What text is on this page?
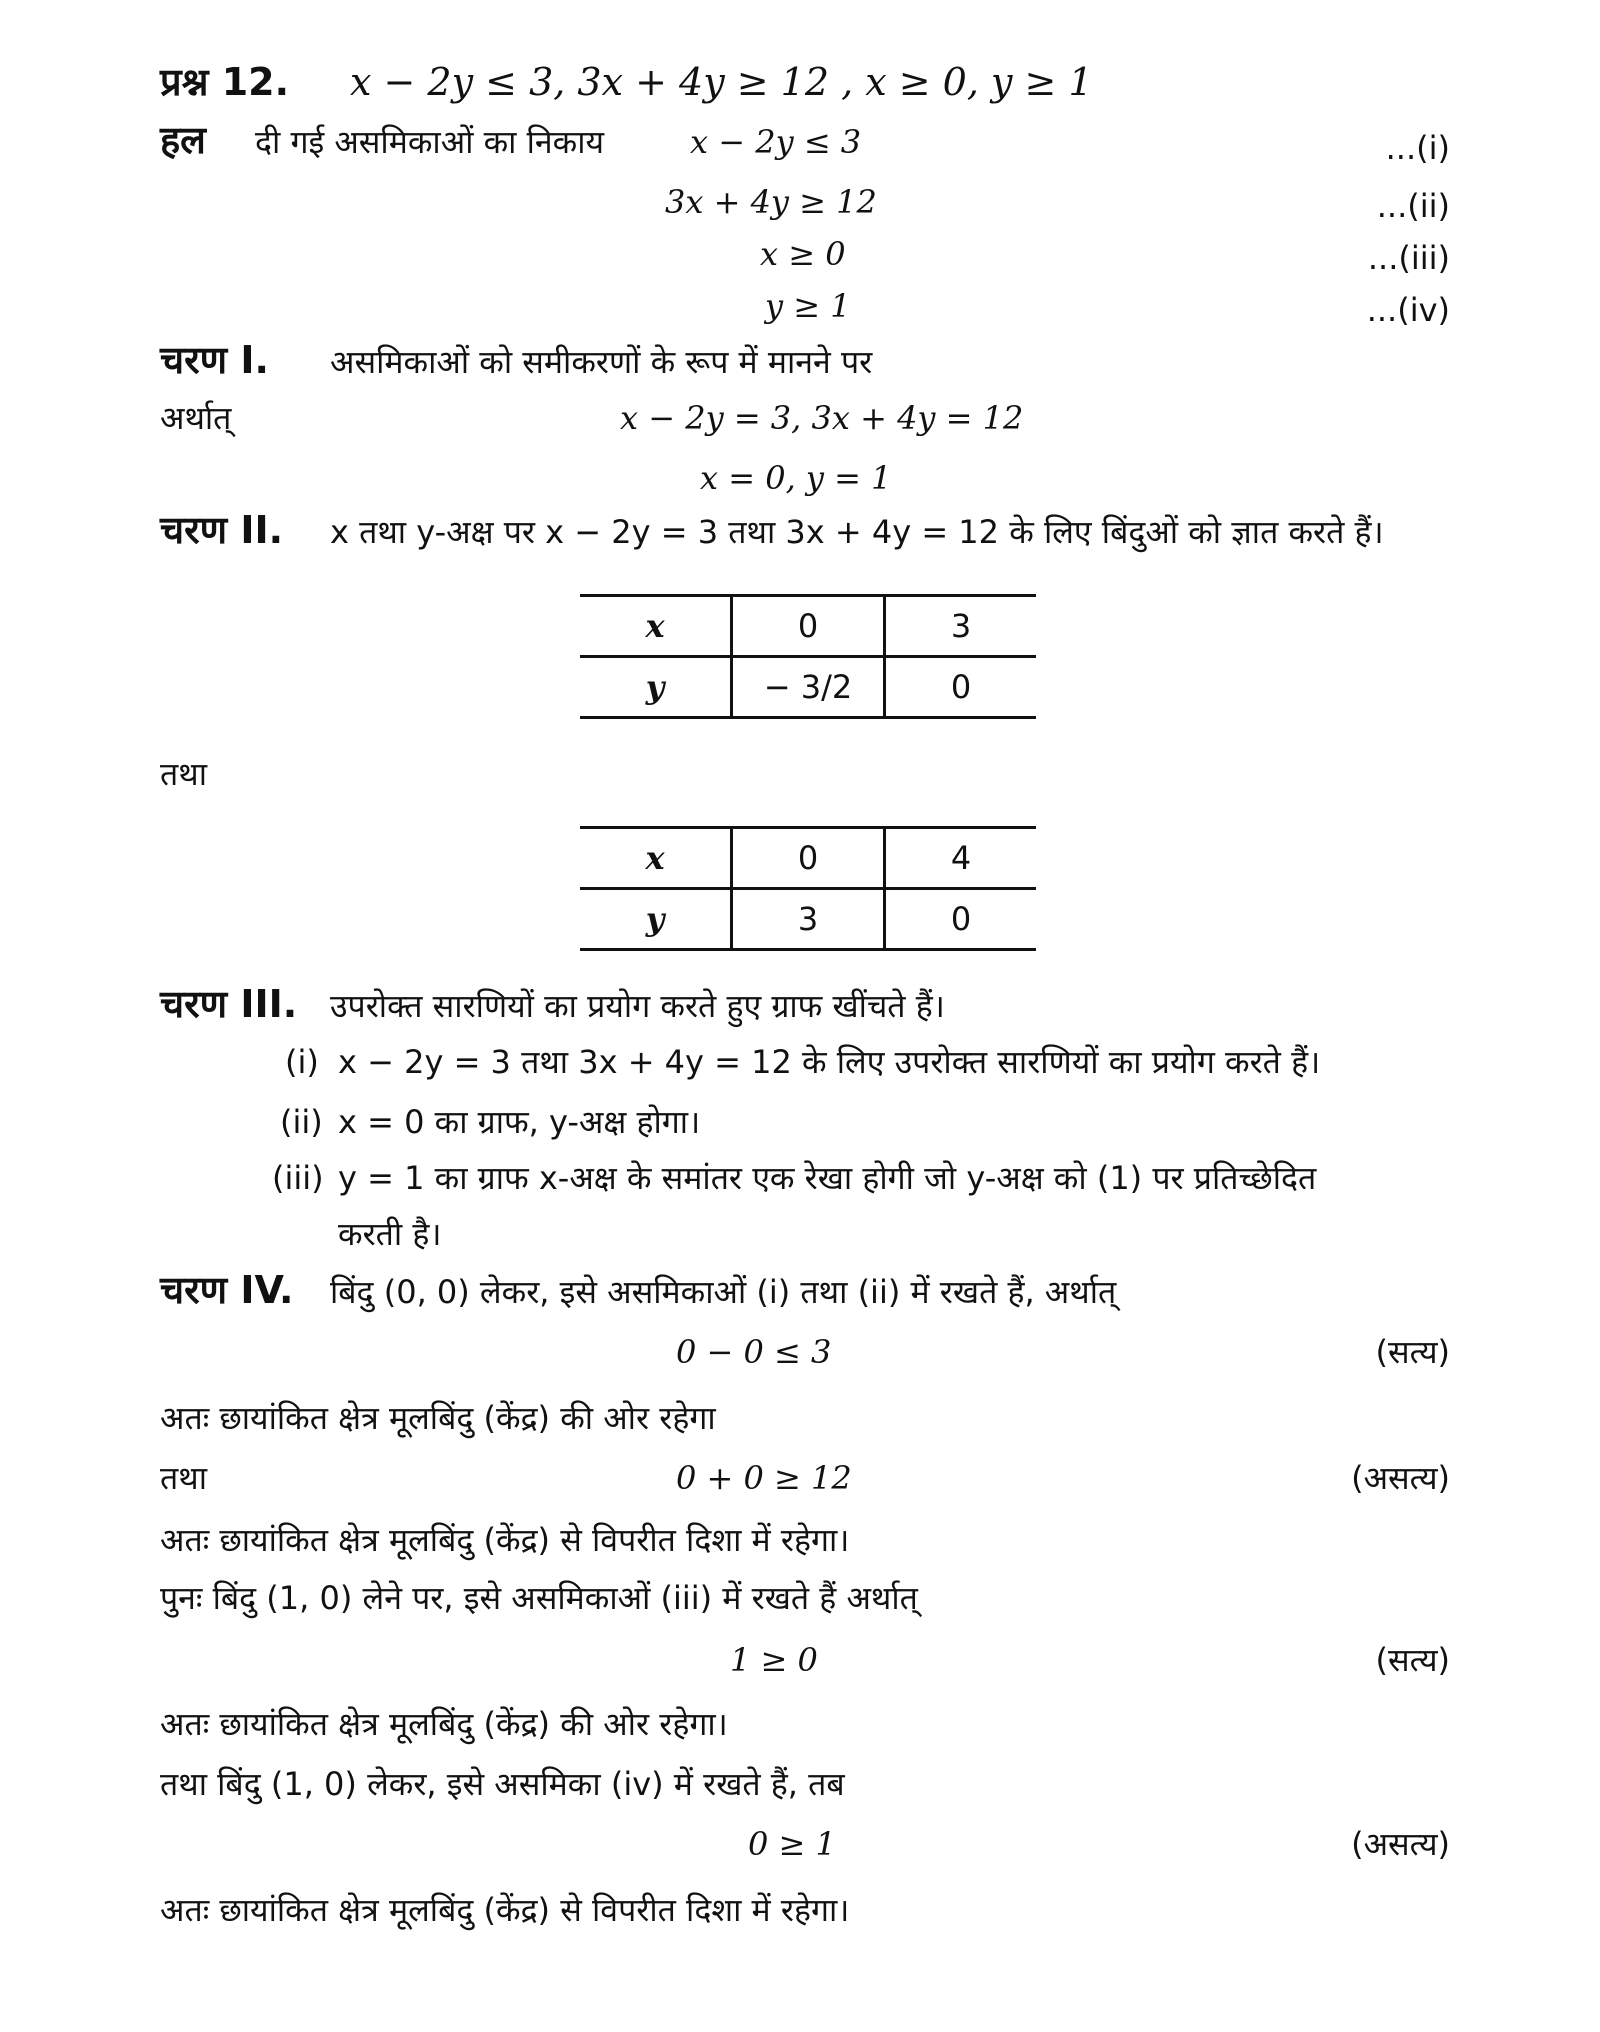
प्रश्न 12. x − 2y ≤ 3, 3x + 4y ≥ 12 , x ≥ 0, y ≥ 1
हल दी गई असमिकाओं का निकाय	x − 2y ≤ 3	...(i)
3x + 4y ≥ 12	...(ii)
x ≥ 0	...(iii)
y ≥ 1	...(iv)
चरण I. असमिकाओं को समीकरणों के रूप में मानने पर
अर्थात्	x − 2y = 3, 3x + 4y = 12
x = 0, y = 1
चरण II. x तथा y-अक्ष पर x − 2y = 3 तथा 3x + 4y = 12 के लिए बिंदुओं को ज्ञात करते हैं।
x	0	3
y	− 3/2	0
तथा
x	0	4
y	3	0
चरण III. उपरोक्त सारणियों का प्रयोग करते हुए ग्राफ खींचते हैं।
(i) x − 2y = 3 तथा 3x + 4y = 12 के लिए उपरोक्त सारणियों का प्रयोग करते हैं।
(ii) x = 0 का ग्राफ, y-अक्ष होगा।
(iii) y = 1 का ग्राफ x-अक्ष के समांतर एक रेखा होगी जो y-अक्ष को (1) पर प्रतिच्छेदित
करती है।
चरण IV. बिंदु (0, 0) लेकर, इसे असमिकाओं (i) तथा (ii) में रखते हैं, अर्थात्
0 − 0 ≤ 3	(सत्य)
अतः छायांकित क्षेत्र मूलबिंदु (केंद्र) की ओर रहेगा
तथा	0 + 0 ≥ 12	(असत्य)
अतः छायांकित क्षेत्र मूलबिंदु (केंद्र) से विपरीत दिशा में रहेगा।
पुनः बिंदु (1, 0) लेने पर, इसे असमिकाओं (iii) में रखते हैं अर्थात्
1 ≥ 0	(सत्य)
अतः छायांकित क्षेत्र मूलबिंदु (केंद्र) की ओर रहेगा।
तथा बिंदु (1, 0) लेकर, इसे असमिका (iv) में रखते हैं, तब
0 ≥ 1	(असत्य)
अतः छायांकित क्षेत्र मूलबिंदु (केंद्र) से विपरीत दिशा में रहेगा।
